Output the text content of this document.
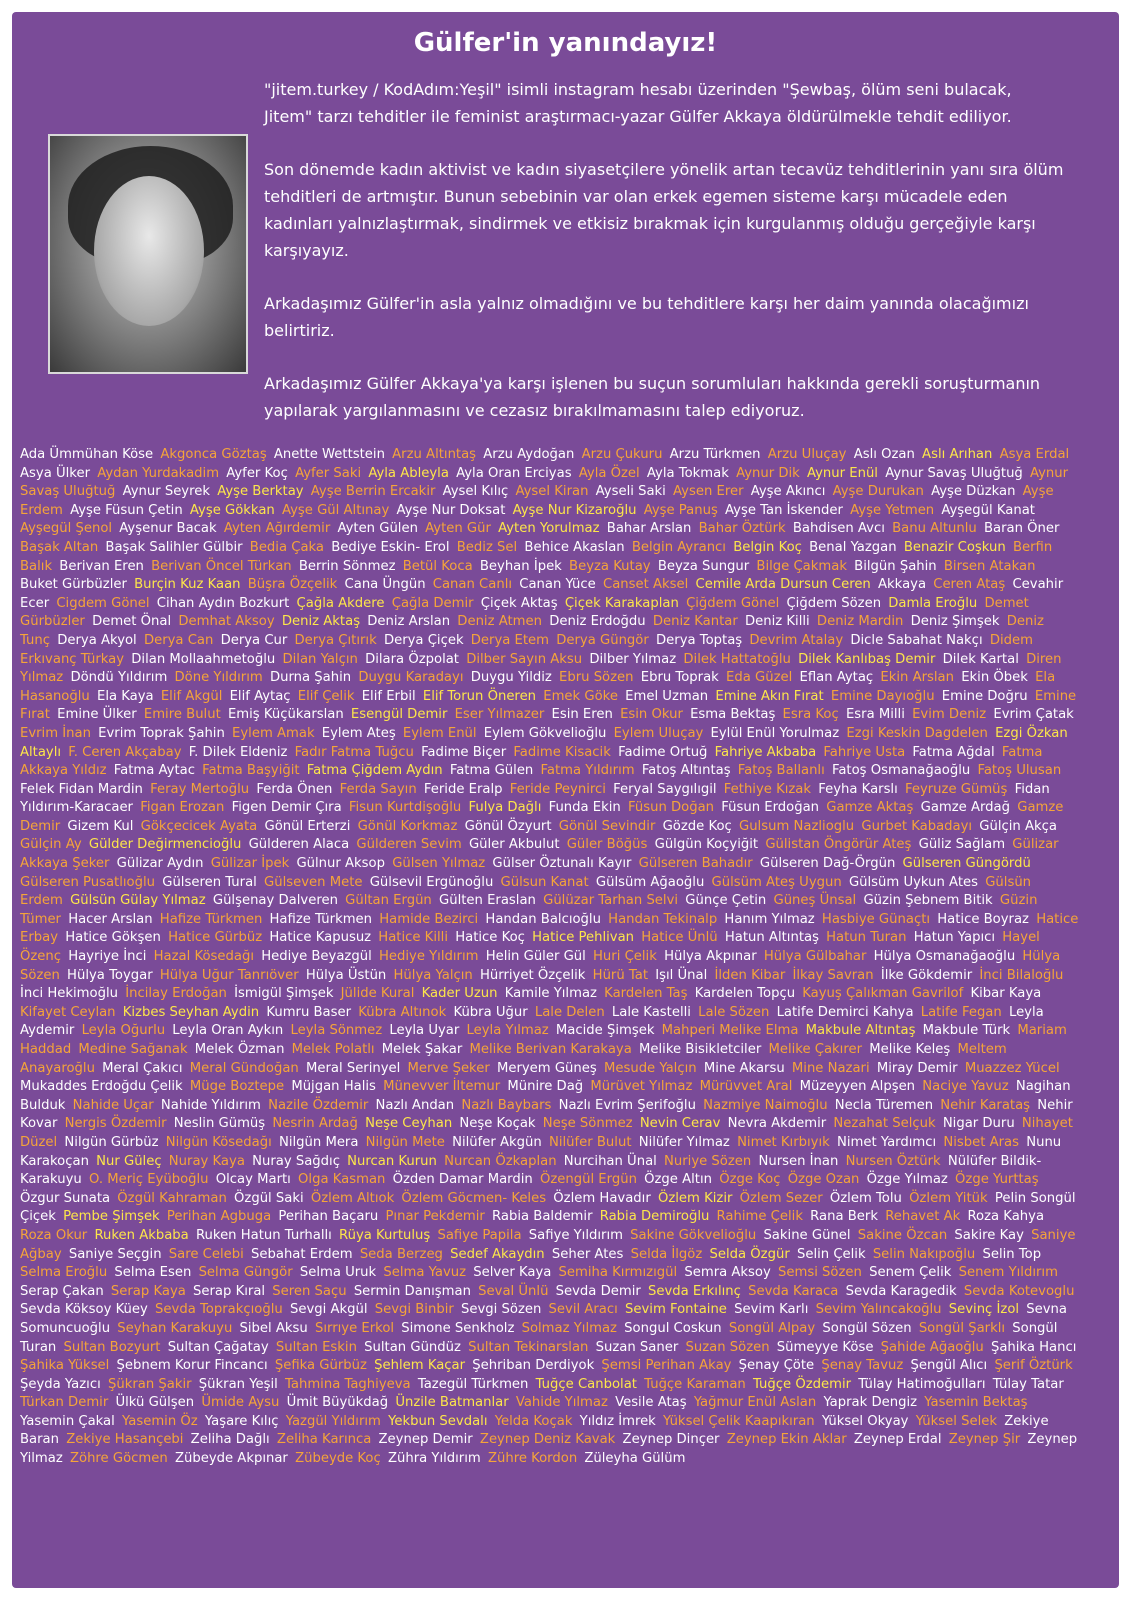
Gülfer'in yanındayız!

"jitem.turkey / KodAdım:Yeşil" isimli instagram hesabı üzerinden "Şewbaş, ölüm seni bulacak, Jitem" tarzı tehditler ile feminist araştırmacı-yazar Gülfer Akkaya öldürülmekle tehdit ediliyor.

Son dönemde kadın aktivist ve kadın siyasetçilere yönelik artan tecavüz tehditlerinin yanı sıra ölüm tehditleri de artmıştır. Bunun sebebinin var olan erkek egemen sisteme karşı mücadele eden kadınları yalnızlaştırmak, sindirmek ve etkisiz bırakmak için kurgulanmış olduğu gerçeğiyle karşı karşıyayız.

Arkadaşımız Gülfer'in asla yalnız olmadığını ve bu tehditlere karşı her daim yanında olacağımızı belirtiriz.

Arkadaşımız Gülfer Akkaya'ya karşı işlenen bu suçun sorumluları hakkında gerekli soruşturmanın yapılarak yargılanmasını ve cezasız bırakılmamasını talep ediyoruz.

Ada Ümmühan Köse Akgonca Göztaş Anette Wettstein Arzu Altıntaş Arzu Aydoğan Arzu Çukuru Arzu Türkmen Arzu Uluçay Aslı Ozan Aslı Arıhan Asya Erdal Asya Ülker Aydan Yurdakadim Ayfer Koç Ayfer Saki Ayla Ableyla Ayla Oran Erciyas Ayla Özel Ayla Tokmak Aynur Dik Aynur Enül Aynur Savaş Uluğtuğ Aynur Savaş Uluğtuğ Aynur Seyrek Ayşe Berktay Ayşe Berrin Ercakir Aysel Kılıç Aysel Kiran Ayseli Saki Aysen Erer Ayşe Akıncı Ayşe Durukan Ayşe Düzkan Ayşe Erdem Ayşe Füsun Çetin Ayşe Gökkan Ayşe Gül Altınay Ayşe Nur Doksat Ayşe Nur Kizaroğlu Ayşe Panuş Ayşe Tan İskender Ayşe Yetmen Ayşegül Kanat Ayşegül Şenol Ayşenur Bacak Ayten Ağırdemir Ayten Gülen Ayten Gür Ayten Yorulmaz Bahar Arslan Bahar Öztürk Bahdisen Avcı Banu Altunlu Baran Öner Başak Altan Başak Salihler Gülbir Bedia Çaka Bediye Eskin- Erol Bediz Sel Behice Akaslan Belgin Ayrancı Belgin Koç Benal Yazgan Benazir Coşkun Berfin Balık Berivan Eren Berivan Öncel Türkan Berrin Sönmez Betül Koca Beyhan İpek Beyza Kutay Beyza Sungur Bilge Çakmak Bilgün Şahin Birsen Atakan Buket Gürbüzler Burçin Kuz Kaan Büşra Özçelik Cana Üngün Canan Canlı Canan Yüce Canset Aksel Cemile Arda Dursun Ceren Akkaya Ceren Ataş Cevahir Ecer Cigdem Gönel Cihan Aydın Bozkurt Çağla Akdere Çağla Demir Çiçek Aktaş Çiçek Karakaplan Çiğdem Gönel Çiğdem Sözen Damla Eroğlu Demet Gürbüzler Demet Önal Demhat Aksoy Deniz Aktaş Deniz Arslan Deniz Atmen Deniz Erdoğdu Deniz Kantar Deniz Killi Deniz Mardin Deniz Şimşek Deniz Tunç Derya Akyol Derya Can Derya Cur Derya Çıtırık Derya Çiçek Derya Etem Derya Güngör Derya Toptaş Devrim Atalay Dicle Sabahat Nakçı Didem Erkıvanç Türkay Dilan Mollaahmetoğlu Dilan Yalçın Dilara Özpolat Dilber Sayın Aksu Dilber Yılmaz Dilek Hattatoğlu Dilek Kanlıbaş Demir Dilek Kartal Diren Yılmaz Döndü Yıldırım Döne Yıldırım Durna Şahin Duygu Karadayı Duygu Yildiz Ebru Sözen Ebru Toprak Eda Güzel Eflan Aytaç Ekin Arslan Ekin Öbek Ela Hasanoğlu Ela Kaya Elif Akgül Elif Aytaç Elif Çelik Elif Erbil Elif Torun Öneren Emek Göke Emel Uzman Emine Akın Fırat Emine Dayıoğlu Emine Doğru Emine Fırat Emine Ülker Emire Bulut Emiş Küçükarslan Esengül Demir Eser Yılmazer Esin Eren Esin Okur Esma Bektaş Esra Koç Esra Milli Evim Deniz Evrim Çatak Evrim İnan Evrim Toprak Şahin Eylem Amak Eylem Ateş Eylem Enül Eylem Gökvelioğlu Eylem Uluçay Eylül Enül Yorulmaz Ezgi Keskin Dagdelen Ezgi Özkan Altaylı F. Ceren Akçabay F. Dilek Eldeniz Fadır Fatma Tuğcu Fadime Biçer Fadime Kisacik Fadime Ortuğ Fahriye Akbaba Fahriye Usta Fatma Ağdal Fatma Akkaya Yıldız Fatma Aytac Fatma Başyiğit Fatma Çiğdem Aydın Fatma Gülen Fatma Yıldırım Fatoş Altıntaş Fatoş Ballanlı Fatoş Osmanağaoğlu Fatoş Ulusan Felek Fidan Mardin Feray Mertoğlu Ferda Önen Ferda Sayın Feride Eralp Feride Peynirci Feryal Saygılıgil Fethiye Kızak Feyha Karslı Feyruze Gümüş Fidan Yıldırım-Karacaer Figan Erozan Figen Demir Çıra Fisun Kurtdişoğlu Fulya Dağlı Funda Ekin Füsun Doğan Füsun Erdoğan Gamze Aktaş Gamze Ardağ Gamze Demir Gizem Kul Gökçecicek Ayata Gönül Erterzi Gönül Korkmaz Gönül Özyurt Gönül Sevindir Gözde Koç Gulsum Nazlioglu Gurbet Kabadayı Gülçin Akça Gülçin Ay Gülder Değirmencioğlu Gülderen Alaca Gülderen Sevim Güler Akbulut Güler Böğüs Gülgün Koçyiğit Gülistan Öngörür Ateş Güliz Sağlam Gülizar Akkaya Şeker Gülizar Aydın Gülizar İpek Gülnur Aksop Gülsen Yılmaz Gülser Öztunalı Kayır Gülseren Bahadır Gülseren Dağ-Örgün Gülseren Güngördü Gülseren Pusatlıoğlu Gülseren Tural Gülseven Mete Gülsevil Ergünoğlu Gülsun Kanat Gülsüm Ağaoğlu Gülsüm Ateş Uygun Gülsüm Uykun Ates Gülsün Erdem Gülsün Gülay Yılmaz Gülşenay Dalveren Gültan Ergün Gülten Eraslan Gülüzar Tarhan Selvi Günçe Çetin Güneş Ünsal Güzin Şebnem Bitik Güzin Tümer Hacer Arslan Hafize Türkmen Hafize Türkmen Hamide Bezirci Handan Balcıoğlu Handan Tekinalp Hanım Yılmaz Hasbiye Günaçtı Hatice Boyraz Hatice Erbay Hatice Gökşen Hatice Gürbüz Hatice Kapusuz Hatice Killi Hatice Koç Hatice Pehlivan Hatice Ünlü Hatun Altıntaş Hatun Turan Hatun Yapıcı Hayel Özenç Hayriye İnci Hazal Kösedağı Hediye Beyazgül Hediye Yıldırım Helin Güler Gül Huri Çelik Hülya Akpınar Hülya Gülbahar Hülya Osmanağaoğlu Hülya Sözen Hülya Toygar Hülya Uğur Tanrıöver Hülya Üstün Hülya Yalçın Hürriyet Özçelik Hürü Tat Işıl Ünal İlden Kibar İlkay Savran İlke Gökdemir İnci Bilaloğlu İnci Hekimoğlu İncilay Erdoğan İsmigül Şimşek Jülide Kural Kader Uzun Kamile Yılmaz Kardelen Taş Kardelen Topçu Kayuş Çalıkman Gavrilof Kibar Kaya Kifayet Ceylan Kizbes Seyhan Aydin Kumru Baser Kübra Altınok Kübra Uğur Lale Delen Lale Kastelli Lale Sözen Latife Demirci Kahya Latife Fegan Leyla Aydemir Leyla Oğurlu Leyla Oran Aykın Leyla Sönmez Leyla Uyar Leyla Yılmaz Macide Şimşek Mahperi Melike Elma Makbule Altıntaş Makbule Türk Mariam Haddad Medine Sağanak Melek Özman Melek Polatlı Melek Şakar Melike Berivan Karakaya Melike Bisikletciler Melike Çakırer Melike Keleş Meltem Anayaroğlu Meral Çakıcı Meral Gündoğan Meral Serinyel Merve Şeker Meryem Güneş Mesude Yalçın Mine Akarsu Mine Nazari Miray Demir Muazzez Yücel Mukaddes Erdoğdu Çelik Müge Boztepe Müjgan Halis Münevver İltemur Münire Dağ Mürüvet Yılmaz Mürüvvet Aral Müzeyyen Alpşen Naciye Yavuz Nagihan Bulduk Nahide Uçar Nahide Yıldırım Nazile Özdemir Nazlı Andan Nazlı Baybars Nazlı Evrim Şerifoğlu Nazmiye Naimoğlu Necla Türemen Nehir Karataş Nehir Kovar Nergis Özdemir Neslin Gümüş Nesrin Ardağ Neşe Ceyhan Neşe Koçak Neşe Sönmez Nevin Cerav Nevra Akdemir Nezahat Selçuk Nigar Duru Nihayet Düzel Nilgün Gürbüz Nilgün Kösedağı Nilgün Mera Nilgün Mete Nilüfer Akgün Nilüfer Bulut Nilüfer Yılmaz Nimet Kırbıyık Nimet Yardımcı Nisbet Aras Nunu Karakoçan Nur Güleç Nuray Kaya Nuray Sağdıç Nurcan Kurun Nurcan Özkaplan Nurcihan Ünal Nuriye Sözen Nursen İnan Nursen Öztürk Nülüfer Bildik-Karakuyu O. Meriç Eyüboğlu Olcay Martı Olga Kasman Özden Damar Mardin Özengül Ergün Özge Altın Özge Koç Özge Ozan Özge Yılmaz Özge Yurttaş Özgur Sunata Özgül Kahraman Özgül Saki Özlem Altıok Özlem Göcmen- Keles Özlem Havadır Özlem Kizir Özlem Sezer Özlem Tolu Özlem Yitük Pelin Songül Çiçek Pembe Şimşek Perihan Agbuga Perihan Baçaru Pınar Pekdemir Rabia Baldemir Rabia Demiroğlu Rahime Çelik Rana Berk Rehavet Ak Roza Kahya Roza Okur Ruken Akbaba Ruken Hatun Turhallı Rüya Kurtuluş Safiye Papila Safiye Yıldırım Sakine Gökvelioğlu Sakine Günel Sakine Özcan Sakire Kay Saniye Ağbay Saniye Seçgin Sare Celebi Sebahat Erdem Seda Berzeg Sedef Akaydın Seher Ates Selda İlgöz Selda Özgür Selin Çelik Selin Nakıpoğlu Selin Top Selma Eroğlu Selma Esen Selma Güngör Selma Uruk Selma Yavuz Selver Kaya Semiha Kırmızıgül Semra Aksoy Semsi Sözen Senem Çelik Senem Yıldırım Serap Çakan Serap Kaya Serap Kıral Seren Saçu Sermin Danışman Seval Ünlü Sevda Demir Sevda Erkılınç Sevda Karaca Sevda Karagedik Sevda Kotevoglu Sevda Köksoy Küey Sevda Toprakçıoğlu Sevgi Akgül Sevgi Binbir Sevgi Sözen Sevil Aracı Sevim Fontaine Sevim Karlı Sevim Yalıncakoğlu Sevinç İzol Sevna Somuncuoğlu Seyhan Karakuyu Sibel Aksu Sırrıye Erkol Simone Senkholz Solmaz Yılmaz Songul Coskun Songül Alpay Songül Sözen Songül Şarklı Songül Turan Sultan Bozyurt Sultan Çağatay Sultan Eskin Sultan Gündüz Sultan Tekinarslan Suzan Saner Suzan Sözen Sümeyye Köse Şahide Ağaoğlu Şahika Hancı Şahika Yüksel Şebnem Korur Fincancı Şefika Gürbüz Şehlem Kaçar Şehriban Derdiyok Şemsi Perihan Akay Şenay Çöte Şenay Tavuz Şengül Alıcı Şerif Öztürk Şeyda Yazıcı Şükran Şakir Şükran Yeşil Tahmina Taghiyeva Tazegül Türkmen Tuğçe Canbolat Tuğçe Karaman Tuğçe Özdemir Tülay Hatimoğulları Tülay Tatar Türkan Demir Ülkü Gülşen Ümide Aysu Ümit Büyükdağ Ünzile Batmanlar Vahide Yılmaz Vesile Ataş Yağmur Enül Aslan Yaprak Dengiz Yasemin Bektaş Yasemin Çakal Yasemin Öz Yaşare Kılıç Yazgül Yıldırım Yekbun Sevdalı Yelda Koçak Yıldız İmrek Yüksel Çelik Kaapıkıran Yüksel Okyay Yüksel Selek Zekiye Baran Zekiye Hasançebi Zeliha Dağlı Zeliha Karınca Zeynep Demir Zeynep Deniz Kavak Zeynep Dinçer Zeynep Ekin Aklar Zeynep Erdal Zeynep Şir Zeynep Yilmaz Zöhre Göcmen Zübeyde Akpınar Zübeyde Koç Zühra Yıldırım Zühre Kordon Züleyha Gülüm
